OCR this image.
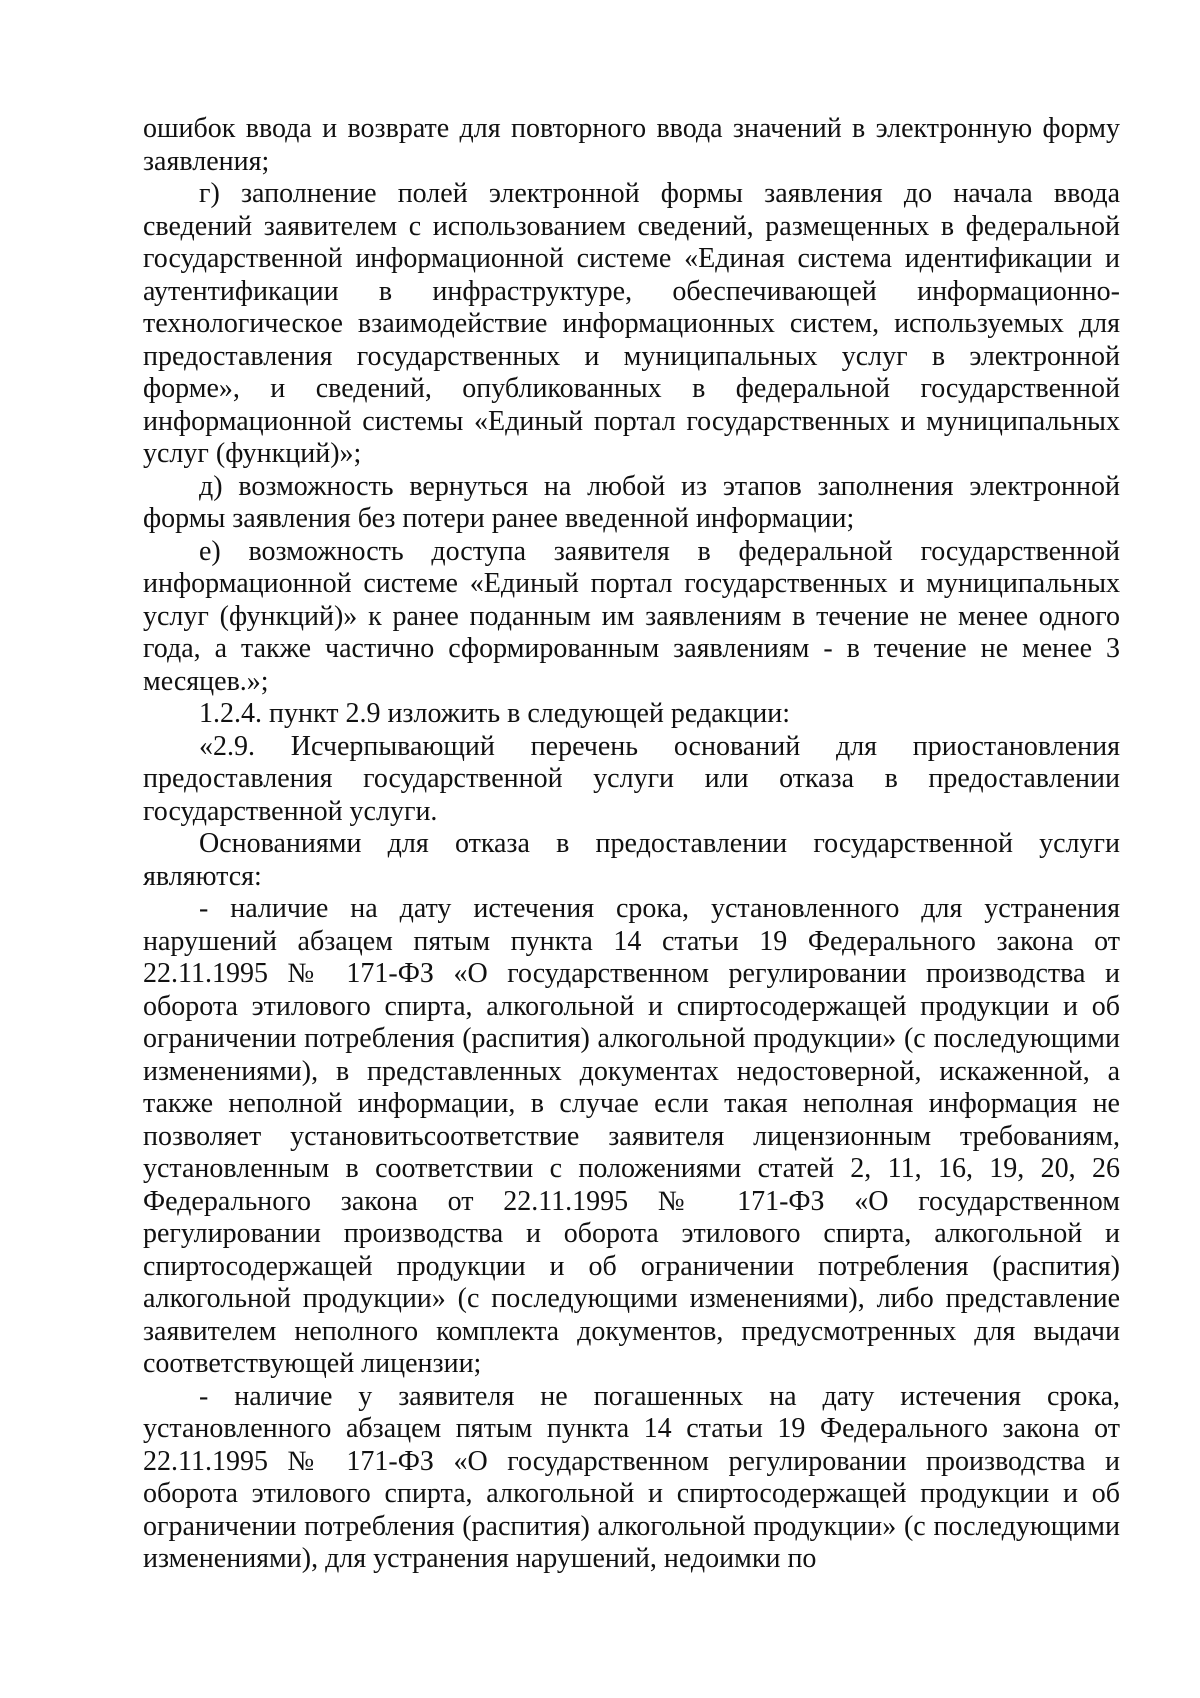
ошибок ввода и возврате для повторного ввода значений в электронную форму заявления;

г) заполнение полей электронной формы заявления до начала ввода сведений заявителем с использованием сведений, размещенных в федеральной государственной информационной системе «Единая система идентификации и аутентификации в инфраструктуре, обеспечивающей информационно-технологическое взаимодействие информационных систем, используемых для предоставления государственных и муниципальных услуг в электронной форме», и сведений, опубликованных в федеральной государственной информационной системы «Единый портал государственных и муниципальных услуг (функций)»;

д) возможность вернуться на любой из этапов заполнения электронной формы заявления без потери ранее введенной информации;

е) возможность доступа заявителя в федеральной государственной информационной системе «Единый портал государственных и муниципальных услуг (функций)» к ранее поданным им заявлениям в течение не менее одного года, а также частично сформированным заявлениям - в течение не менее 3 месяцев.»;

1.2.4. пункт 2.9 изложить в следующей редакции:

«2.9. Исчерпывающий перечень оснований для приостановления предоставления государственной услуги или отказа в предоставлении государственной услуги.

Основаниями для отказа в предоставлении государственной услуги являются:

- наличие на дату истечения срока, установленного для устранения нарушений абзацем пятым пункта 14 статьи 19 Федерального закона от 22.11.1995 № 171-ФЗ «О государственном регулировании производства и оборота этилового спирта, алкогольной и спиртосодержащей продукции и об ограничении потребления (распития) алкогольной продукции» (с последующими изменениями), в представленных документах недостоверной, искаженной, а также неполной информации, в случае если такая неполная информация не позволяет установитьсоответствие заявителя лицензионным требованиям, установленным в соответствии с положениями статей 2, 11, 16, 19, 20, 26 Федерального закона от 22.11.1995 № 171-ФЗ «О государственном регулировании производства и оборота этилового спирта, алкогольной и спиртосодержащей продукции и об ограничении потребления (распития) алкогольной продукции» (с последующими изменениями), либо представление заявителем неполного комплекта документов, предусмотренных для выдачи соответствующей лицензии;

- наличие у заявителя не погашенных на дату истечения срока, установленного абзацем пятым пункта 14 статьи 19 Федерального закона от 22.11.1995 № 171-ФЗ «О государственном регулировании производства и оборота этилового спирта, алкогольной и спиртосодержащей продукции и об ограничении потребления (распития) алкогольной продукции» (с последующими изменениями), для устранения нарушений, недоимки по
